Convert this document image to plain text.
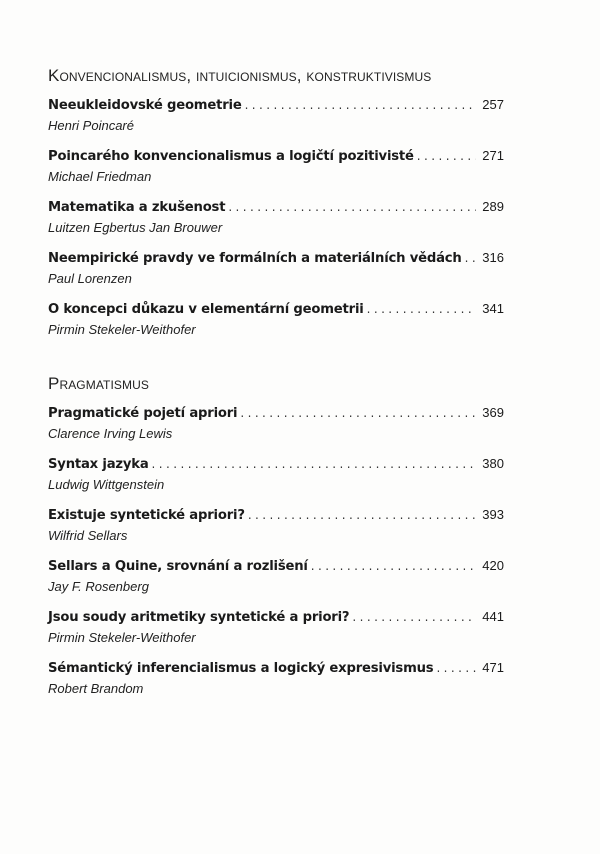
Konvencionalismus, intuicionismus, konstruktivismus
Neeukleidovské geometrie . . .	257
Henri Poincaré
Poincarého konvencionalismus a logičtí pozitivisté . . .	271
Michael Friedman
Matematika a zkušenost . . .	289
Luitzen Egbertus Jan Brouwer
Neempirické pravdy ve formálních a materiálních vědách . . . 316
Paul Lorenzen
O koncepci důkazu v elementární geometrii . . .	341
Pirmin Stekeler-Weithofer
Pragmatismus
Pragmatické pojetí apriori . . .	369
Clarence Irving Lewis
Syntax jazyka . . .	380
Ludwig Wittgenstein
Existuje syntetické apriori? . . .	393
Wilfrid Sellars
Sellars a Quine, srovnání a rozlišení . . .	420
Jay F. Rosenberg
Jsou soudy aritmetiky syntetické a priori? . . .	441
Pirmin Stekeler-Weithofer
Sémantický inferencialismus a logický expresivismus . . .	471
Robert Brandom
